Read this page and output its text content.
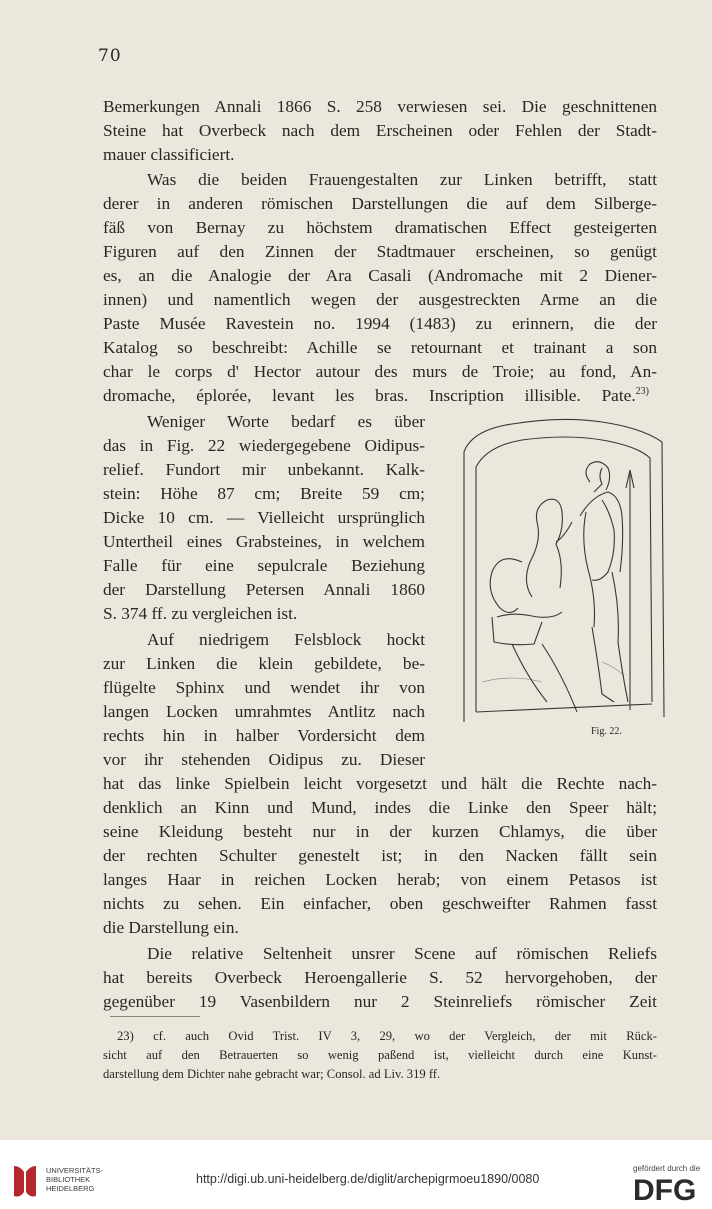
70
Bemerkungen Annali 1866 S. 258 verwiesen sei. Die geschnittenen
Steine hat Overbeck nach dem Erscheinen oder Fehlen der Stadt-
mauer classificiert.
Was die beiden Frauengestalten zur Linken betrifft, statt
derer in anderen römischen Darstellungen die auf dem Silberge-
fäß von Bernay zu höchstem dramatischen Effect gesteigerten
Figuren auf den Zinnen der Stadtmauer erscheinen, so genügt
es, an die Analogie der Ara Casali (Andromache mit 2 Diener-
innen) und namentlich wegen der ausgestreckten Arme an die
Paste Musée Ravestein no. 1994 (1483) zu erinnern, die der
Katalog so beschreibt: Achille se retournant et trainant a son
char le corps d' Hector autour des murs de Troie; au fond, An-
dromache, éplorée, levant les bras. Inscription illisible. Pate.$^{23)}$
Weniger Worte bedarf es über
das in Fig. 22 wiedergegebene Oidipus-
relief. Fundort mir unbekannt. Kalk-
stein: Höhe 87 cm; Breite 59 cm;
Dicke 10 cm. — Vielleicht ursprünglich
Untertheil eines Grabsteines, in welchem
Falle für eine sepulcrale Beziehung
der Darstellung Petersen Annali 1860
S. 374 ff. zu vergleichen ist.
Auf niedrigem Felsblock hockt
zur Linken die klein gebildete, be-
flügelte Sphinx und wendet ihr von
langen Locken umrahmtes Antlitz nach
rechts hin in halber Vordersicht dem
vor ihr stehenden Oidipus zu. Dieser
hat das linke Spielbein leicht vorgesetzt und hält die Rechte nach-
denklich an Kinn und Mund, indes die Linke den Speer hält;
seine Kleidung besteht nur in der kurzen Chlamys, die über
der rechten Schulter genestelt ist; in den Nacken fällt sein
langes Haar in reichen Locken herab; von einem Petasos ist
nichts zu sehen. Ein einfacher, oben geschweifter Rahmen fasst
die Darstellung ein.
Die relative Seltenheit unsrer Scene auf römischen Reliefs
hat bereits Overbeck Heroengallerie S. 52 hervorgehoben, der
gegenüber 19 Vasenbildern nur 2 Steinreliefs römischer Zeit
23) cf. auch Ovid Trist. IV 3, 29, wo der Vergleich, der mit Rück-
sicht auf den Betrauerten so wenig paßend ist, vielleicht durch eine Kunst-
darstellung dem Dichter nahe gebracht war; Consol. ad Liv. 319 ff.
Fig. 22.
UNIVERSITÄTS-
BIBLIOTHEK
HEIDELBERG
http://digi.ub.uni-heidelberg.de/diglit/archepigrmoeu1890/0080
gefördert durch die
DFG
